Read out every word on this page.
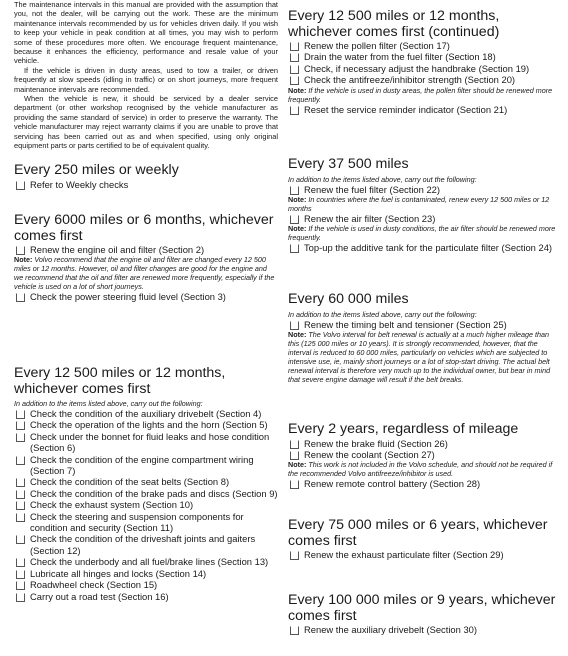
The maintenance intervals in this manual are provided with the assumption that you, not the dealer, will be carrying out the work. These are the minimum maintenance intervals recommended by us for vehicles driven daily. If you wish to keep your vehicle in peak condition at all times, you may wish to perform some of these procedures more often. We encourage frequent maintenance, because it enhances the efficiency, performance and resale value of your vehicle.

If the vehicle is driven in dusty areas, used to tow a trailer, or driven frequently at slow speeds (idling in traffic) or on short journeys, more frequent maintenance intervals are recommended.

When the vehicle is new, it should be serviced by a dealer service department (or other workshop recognised by the vehicle manufacturer as providing the same standard of service) in order to preserve the warranty. The vehicle manufacturer may reject warranty claims if you are unable to prove that servicing has been carried out as and when specified, using only original equipment parts or parts certified to be of equivalent quality.

Every 250 miles or weekly
Refer to Weekly checks
Every 6000 miles or 6 months, whichever comes first
Renew the engine oil and filter (Section 2)

Note: Volvo recommend that the engine oil and filter are changed every 12 500 miles or 12 months. However, oil and filter changes are good for the engine and we recommend that the oil and filter are renewed more frequently, especially if the vehicle is used on a lot of short journeys.

Check the power steering fluid level (Section 3)
Every 12 500 miles or 12 months, whichever comes first

In addition to the items listed above, carry out the following:

Check the condition of the auxiliary drivebelt (Section 4)
Check the operation of the lights and the horn (Section 5)
Check under the bonnet for fluid leaks and hose condition (Section 6)
Check the condition of the engine compartment wiring (Section 7)
Check the condition of the seat belts (Section 8)
Check the condition of the brake pads and discs (Section 9)
Check the exhaust system (Section 10)
Check the steering and suspension components for condition and security (Section 11)
Check the condition of the driveshaft joints and gaiters (Section 12)
Check the underbody and all fuel/brake lines (Section 13)
Lubricate all hinges and locks (Section 14)
Roadwheel check (Section 15)
Carry out a road test (Section 16)
Every 12 500 miles or 12 months, whichever comes first (continued)
Renew the pollen filter (Section 17)
Drain the water from the fuel filter (Section 18)
Check, if necessary adjust the handbrake (Section 19)
Check the antifreeze/inhibitor strength (Section 20)

Note: If the vehicle is used in dusty areas, the pollen filter should be renewed more frequently.

Reset the service reminder indicator (Section 21)
Every 37 500 miles

In addition to the items listed above, carry out the following:

Renew the fuel filter (Section 22)

Note: In countries where the fuel is contaminated, renew every 12 500 miles or 12 months

Renew the air filter (Section 23)

Note: If the vehicle is used in dusty conditions, the air filter should be renewed more frequently.

Top-up the additive tank for the particulate filter (Section 24)
Every 60 000 miles

In addition to the items listed above, carry out the following:

Renew the timing belt and tensioner (Section 25)

Note: The Volvo interval for belt renewal is actually at a much higher mileage than this (125 000 miles or 10 years). It is strongly recommended, however, that the interval is reduced to 60 000 miles, particularly on vehicles which are subjected to intensive use, ie, mainly short journeys or a lot of stop-start driving. The actual belt renewal interval is therefore very much up to the individual owner, but bear in mind that severe engine damage will result if the belt breaks.

Every 2 years, regardless of mileage
Renew the brake fluid (Section 26)
Renew the coolant (Section 27)

Note: This work is not included in the Volvo schedule, and should not be required if the recommended Volvo antifreeze/inhibitor is used.

Renew remote control battery (Section 28)
Every 75 000 miles or 6 years, whichever comes first
Renew the exhaust particulate filter (Section 29)
Every 100 000 miles or 9 years, whichever comes first
Renew the auxiliary drivebelt (Section 30)
